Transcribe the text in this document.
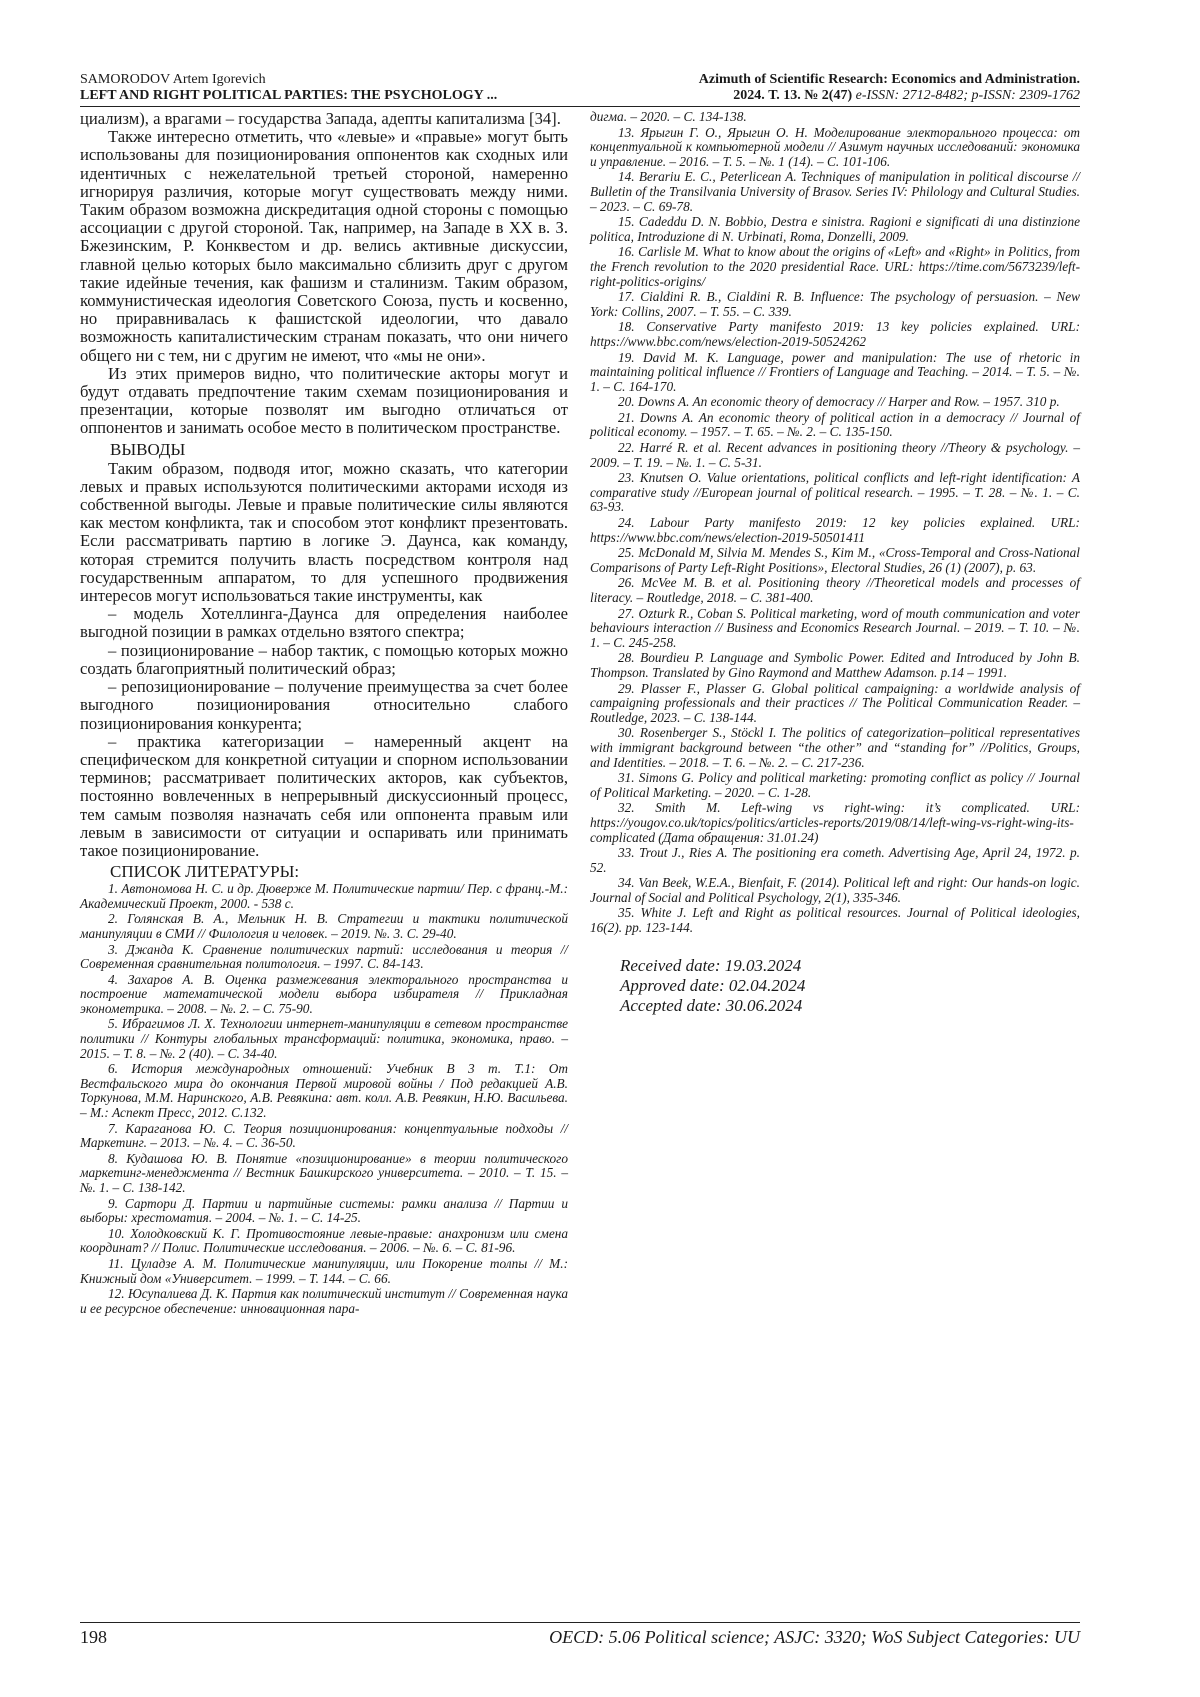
SAMORODOV Artem Igorevich
LEFT AND RIGHT POLITICAL PARTIES: THE PSYCHOLOGY ...
Azimuth of Scientific Research: Economics and Administration.
2024. Т. 13. № 2(47) e-ISSN: 2712-8482; p-ISSN: 2309-1762

циализм), а врагами – государства Запада, адепты капитализма [34].

Также интересно отметить, что «левые» и «правые» могут быть использованы для позиционирования оппонентов как сходных или идентичных с нежелательной третьей стороной, намеренно игнорируя различия, которые могут существовать между ними. Таким образом возможна дискредитация одной стороны с помощью ассоциации с другой стороной. Так, например, на Западе в XX в. З. Бжезинским, Р. Конквестом и др. велись активные дискуссии, главной целью которых было максимально сблизить друг с другом такие идейные течения, как фашизм и сталинизм. Таким образом, коммунистическая идеология Советского Союза, пусть и косвенно, но приравнивалась к фашистской идеологии, что давало возможность капиталистическим странам показать, что они ничего общего ни с тем, ни с другим не имеют, что «мы не они».

Из этих примеров видно, что политические акторы могут и будут отдавать предпочтение таким схемам позиционирования и презентации, которые позволят им выгодно отличаться от оппонентов и занимать особое место в политическом пространстве.

ВЫВОДЫ

Таким образом, подводя итог, можно сказать, что категории левых и правых используются политическими акторами исходя из собственной выгоды. Левые и правые политические силы являются как местом конфликта, так и способом этот конфликт презентовать. Если рассматривать партию в логике Э. Даунса, как команду, которая стремится получить власть посредством контроля над государственным аппаратом, то для успешного продвижения интересов могут использоваться такие инструменты, как

– модель Хотеллинга-Даунса для определения наиболее выгодной позиции в рамках отдельно взятого спектра;

– позиционирование – набор тактик, с помощью которых можно создать благоприятный политический образ;

– репозиционирование – получение преимущества за счет более выгодного позиционирования относительно слабого позиционирования конкурента;

– практика категоризации – намеренный акцент на специфическом для конкретной ситуации и спорном использовании терминов; рассматривает политических акторов, как субъектов, постоянно вовлеченных в непрерывный дискуссионный процесс, тем самым позволяя назначать себя или оппонента правым или левым в зависимости от ситуации и оспаривать или принимать такое позиционирование.

СПИСОК ЛИТЕРАТУРЫ:

1. Автономова Н. С. и др. Дюверже М. Политические партии/ Пер. с франц.-М.: Академический Проект, 2000. - 538 с.

2. Голянская В. А., Мельник Н. В. Стратегии и тактики политической манипуляции в СМИ // Филология и человек. – 2019. №. 3. С. 29-40.

3. Джанда К. Сравнение политических партий: исследования и теория // Современная сравнительная политология. – 1997. С. 84-143.

4. Захаров А. В. Оценка размежевания электорального пространства и построение математической модели выбора избирателя // Прикладная эконометрика. – 2008. – №. 2. – С. 75-90.

5. Ибрагимов Л. Х. Технологии интернет-манипуляции в сетевом пространстве политики // Контуры глобальных трансформаций: политика, экономика, право. – 2015. – Т. 8. – №. 2 (40). – С. 34-40.

6. История международных отношений: Учебник В 3 т. Т.1: От Вестфальского мира до окончания Первой мировой войны / Под редакцией А.В. Торкунова, М.М. Наринского, А.В. Ревякина: авт. колл. А.В. Ревякин, Н.Ю. Васильева. – М.: Аспект Пресс, 2012. С.132.

7. Караганова Ю. С. Теория позиционирования: концептуальные подходы // Маркетинг. – 2013. – №. 4. – С. 36-50.

8. Кудашова Ю. В. Понятие «позиционирование» в теории политического маркетинг-менеджмента // Вестник Башкирского университета. – 2010. – Т. 15. – №. 1. – С. 138-142.

9. Сартори Д. Партии и партийные системы: рамки анализа // Партии и выборы: хрестоматия. – 2004. – №. 1. – С. 14-25.

10. Холодковский К. Г. Противостояние левые-правые: анахронизм или смена координат? // Полис. Политические исследования. – 2006. – №. 6. – С. 81-96.

11. Цуладзе А. М. Политические манипуляции, или Покорение толпы // М.: Книжный дом «Университет. – 1999. – Т. 144. – С. 66.

12. Юсупалиева Д. К. Партия как политический институт // Современная наука и ее ресурсное обеспечение: инновационная пара-

дигма. – 2020. – С. 134-138.

13. Ярыгин Г. О., Ярыгин О. Н. Моделирование электорального процесса: от концептуальной к компьютерной модели // Азимут научных исследований: экономика и управление. – 2016. – Т. 5. – №. 1 (14). – С. 101-106.

14. Berariu E. C., Peterlicean A. Techniques of manipulation in political discourse // Bulletin of the Transilvania University of Brasov. Series IV: Philology and Cultural Studies. – 2023. – С. 69-78.

15. Cadeddu D. N. Bobbio, Destra e sinistra. Ragioni e significati di una distinzione politica, Introduzione di N. Urbinati, Roma, Donzelli, 2009.

16. Carlisle M. What to know about the origins of «Left» and «Right» in Politics, from the French revolution to the 2020 presidential Race. URL: https://time.com/5673239/left-right-politics-origins/

17. Cialdini R. B., Cialdini R. B. Influence: The psychology of persuasion. – New York: Collins, 2007. – Т. 55. – С. 339.

18. Conservative Party manifesto 2019: 13 key policies explained. URL: https://www.bbc.com/news/election-2019-50524262

19. David M. K. Language, power and manipulation: The use of rhetoric in maintaining political influence // Frontiers of Language and Teaching. – 2014. – Т. 5. – №. 1. – С. 164-170.

20. Downs A. An economic theory of democracy // Harper and Row. – 1957. 310 p.

21. Downs A. An economic theory of political action in a democracy // Journal of political economy. – 1957. – Т. 65. – №. 2. – С. 135-150.

22. Harré R. et al. Recent advances in positioning theory //Theory & psychology. – 2009. – Т. 19. – №. 1. – С. 5-31.

23. Knutsen O. Value orientations, political conflicts and left-right identification: A comparative study //European journal of political research. – 1995. – Т. 28. – №. 1. – С. 63-93.

24. Labour Party manifesto 2019: 12 key policies explained. URL: https://www.bbc.com/news/election-2019-50501411

25. McDonald M, Silvia M. Mendes S., Kim M., «Cross-Temporal and Cross-National Comparisons of Party Left-Right Positions», Electoral Studies, 26 (1) (2007), p. 63.

26. McVee M. B. et al. Positioning theory //Theoretical models and processes of literacy. – Routledge, 2018. – С. 381-400.

27. Ozturk R., Coban S. Political marketing, word of mouth communication and voter behaviours interaction // Business and Economics Research Journal. – 2019. – Т. 10. – №. 1. – С. 245-258.

28. Bourdieu P. Language and Symbolic Power. Edited and Introduced by John B. Thompson. Translated by Gino Raymond and Matthew Adamson. p.14 – 1991.

29. Plasser F., Plasser G. Global political campaigning: a worldwide analysis of campaigning professionals and their practices // The Political Communication Reader. – Routledge, 2023. – С. 138-144.

30. Rosenberger S., Stöckl I. The politics of categorization–political representatives with immigrant background between “the other” and “standing for” //Politics, Groups, and Identities. – 2018. – Т. 6. – №. 2. – С. 217-236.

31. Simons G. Policy and political marketing: promoting conflict as policy // Journal of Political Marketing. – 2020. – С. 1-28.

32. Smith M. Left-wing vs right-wing: it’s complicated. URL: https://yougov.co.uk/topics/politics/articles-reports/2019/08/14/left-wing-vs-right-wing-its-complicated (Дата обращения: 31.01.24)

33. Trout J., Ries A. The positioning era cometh. Advertising Age, April 24, 1972. p. 52.

34. Van Beek, W.E.A., Bienfait, F. (2014). Political left and right: Our hands-on logic. Journal of Social and Political Psychology, 2(1), 335-346.

35. White J. Left and Right as political resources. Journal of Political ideologies, 16(2). pp. 123-144.

Received date: 19.03.2024
Approved date: 02.04.2024
Accepted date: 30.06.2024
198	OECD: 5.06 Political science; ASJC: 3320; WoS Subject Categories: UU
